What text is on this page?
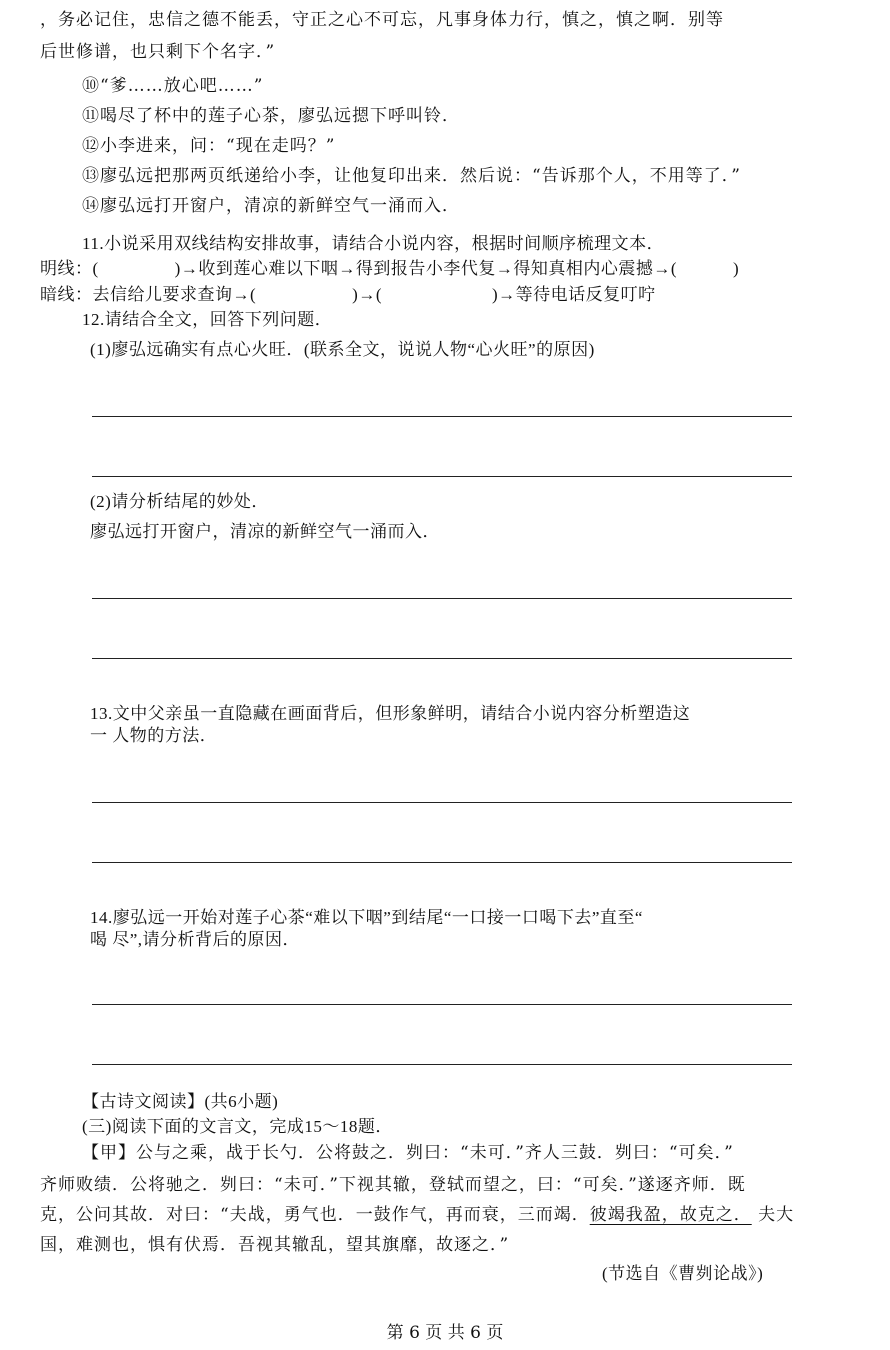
，务必记住，忠信之德不能丢，守正之心不可忘，凡事身体力行，慎之，慎之啊．别等
后世修谱，也只剩下个名字．”
⑩“爹……放心吧……”
⑪喝尽了杯中的莲子心茶，廖弘远摁下呼叫铃．
⑫小李进来，问：“现在走吗？”
⑬廖弘远把那两页纸递给小李，让他复印出来．然后说：“告诉那个人，不用等了．”
⑭廖弘远打开窗户，清凉的新鲜空气一涌而入．
11.小说采用双线结构安排故事，请结合小说内容，根据时间顺序梳理文本．
明线：(	)→收到莲心难以下咽→得到报告小李代复→得知真相内心震撼→(	)
暗线：去信给儿要求查询→(	)→(	)→等待电话反复叮咛
12.请结合全文，回答下列问题．
(1)廖弘远确实有点心火旺．(联系全文，说说人物“心火旺”的原因)
(2)请分析结尾的妙处．
廖弘远打开窗户，清凉的新鲜空气一涌而入．
13.文中父亲虽一直隐藏在画面背后，但形象鲜明，请结合小说内容分析塑造这
一 人物的方法．
14.廖弘远一开始对莲子心茶“难以下咽”到结尾“一口接一口喝下去”直至“
喝 尽”,请分析背后的原因．
【古诗文阅读】(共6小题)
(三)阅读下面的文言文，完成15～18题．
【甲】公与之乘，战于长勺．公将鼓之．刿曰：“未可．”齐人三鼓．刿曰：“可矣．”
齐师败绩．公将驰之．刿曰：“未可．”下视其辙，登轼而望之，曰：“可矣．”遂逐齐师．既
克，公问其故．对曰：“夫战，勇气也．一鼓作气，再而衰，三而竭．彼竭我盈，故克之． 夫大
国，难测也，惧有伏焉．吾视其辙乱，望其旗靡，故逐之．”
(节选自《曹刿论战》)
第 6 页 共 6 页
